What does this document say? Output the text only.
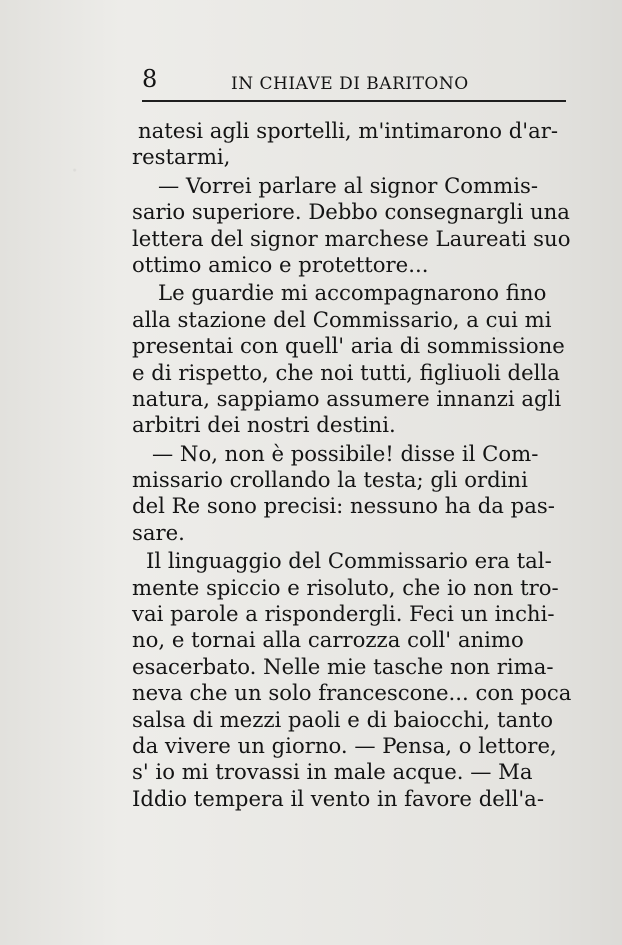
8	IN CHIAVE DI BARITONO
natesi agli sportelli, m'intimarono d'ar-
restarmi,
— Vorrei parlare al signor Commis-
sario superiore. Debbo consegnargli una
lettera del signor marchese Laureati suo
ottimo amico e protettore...
Le guardie mi accompagnarono fino
alla stazione del Commissario, a cui mi
presentai con quell' aria di sommissione
e di rispetto, che noi tutti, figliuoli della
natura, sappiamo assumere innanzi agli
arbitri dei nostri destini.
— No, non è possibile! disse il Com-
missario crollando la testa; gli ordini
del Re sono precisi: nessuno ha da pas-
sare.
Il linguaggio del Commissario era tal-
mente spiccio e risoluto, che io non tro-
vai parole a rispondergli. Feci un inchi-
no, e tornai alla carrozza coll' animo
esacerbato. Nelle mie tasche non rima-
neva che un solo francescone... con poca
salsa di mezzi paoli e di baiocchi, tanto
da vivere un giorno. — Pensa, o lettore,
s' io mi trovassi in male acque. — Ma
Iddio tempera il vento in favore dell'a-
